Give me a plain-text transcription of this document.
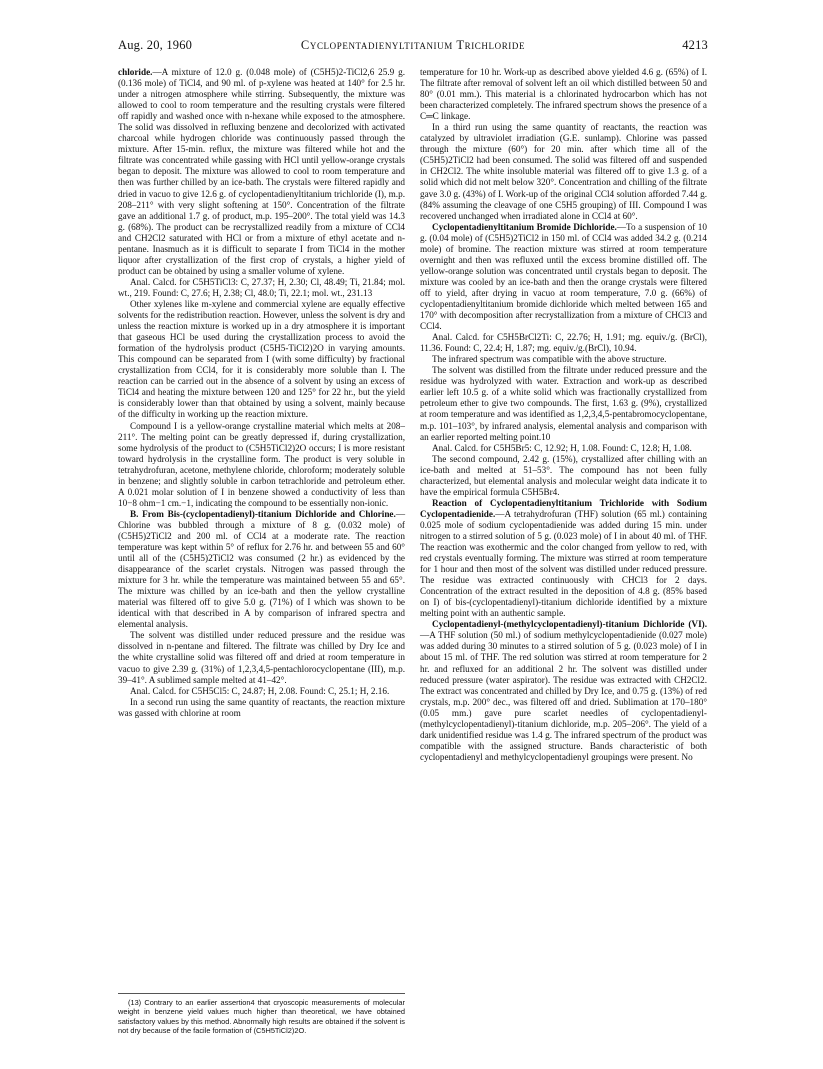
Aug. 20, 1960	Cyclopentadienyltitanium Trichloride	4213

chloride.—A mixture of 12.0 g. (0.048 mole) of (C5H5)2-TiCl2,6 25.9 g. (0.136 mole) of TiCl4, and 90 ml. of p-xylene was heated at 140° for 2.5 hr. under a nitrogen atmosphere while stirring. Subsequently, the mixture was allowed to cool to room temperature and the resulting crystals were filtered off rapidly and washed once with n-hexane while exposed to the atmosphere. The solid was dissolved in refluxing benzene and decolorized with activated charcoal while hydrogen chloride was continuously passed through the mixture. After 15-min. reflux, the mixture was filtered while hot and the filtrate was concentrated while gassing with HCl until yellow-orange crystals began to deposit. The mixture was allowed to cool to room temperature and then was further chilled by an ice-bath. The crystals were filtered rapidly and dried in vacuo to give 12.6 g. of cyclopentadienyltitanium trichloride (I), m.p. 208–211° with very slight softening at 150°. Concentration of the filtrate gave an additional 1.7 g. of product, m.p. 195–200°. The total yield was 14.3 g. (68%). The product can be recrystallized readily from a mixture of CCl4 and CH2Cl2 saturated with HCl or from a mixture of ethyl acetate and n-pentane. Inasmuch as it is difficult to separate I from TiCl4 in the mother liquor after crystallization of the first crop of crystals, a higher yield of product can be obtained by using a smaller volume of xylene.

Anal. Calcd. for C5H5TiCl3: C, 27.37; H, 2.30; Cl, 48.49; Ti, 21.84; mol. wt., 219. Found: C, 27.6; H, 2.38; Cl, 48.0; Ti, 22.1; mol. wt., 231.13

Other xylenes like m-xylene and commercial xylene are equally effective solvents for the redistribution reaction. However, unless the solvent is dry and unless the reaction mixture is worked up in a dry atmosphere it is important that gaseous HCl be used during the crystallization process to avoid the formation of the hydrolysis product (C5H5-TiCl2)2O in varying amounts. This compound can be separated from I (with some difficulty) by fractional crystallization from CCl4, for it is considerably more soluble than I. The reaction can be carried out in the absence of a solvent by using an excess of TiCl4 and heating the mixture between 120 and 125° for 22 hr., but the yield is considerably lower than that obtained by using a solvent, mainly because of the difficulty in working up the reaction mixture.

Compound I is a yellow-orange crystalline material which melts at 208–211°. The melting point can be greatly depressed if, during crystallization, some hydrolysis of the product to (C5H5TiCl2)2O occurs; I is more resistant toward hydrolysis in the crystalline form. The product is very soluble in tetrahydrofuran, acetone, methylene chloride, chloroform; moderately soluble in benzene; and slightly soluble in carbon tetrachloride and petroleum ether. A 0.021 molar solution of I in benzene showed a conductivity of less than 10−8 ohm−1 cm.−1, indicating the compound to be essentially non-ionic.

B. From Bis-(cyclopentadienyl)-titanium Dichloride and Chlorine.—Chlorine was bubbled through a mixture of 8 g. (0.032 mole) of (C5H5)2TiCl2 and 200 ml. of CCl4 at a moderate rate. The reaction temperature was kept within 5° of reflux for 2.76 hr. and between 55 and 60° until all of the (C5H5)2TiCl2 was consumed (2 hr.) as evidenced by the disappearance of the scarlet crystals. Nitrogen was passed through the mixture for 3 hr. while the temperature was maintained between 55 and 65°. The mixture was chilled by an ice-bath and then the yellow crystalline material was filtered off to give 5.0 g. (71%) of I which was shown to be identical with that described in A by comparison of infrared spectra and elemental analysis.

The solvent was distilled under reduced pressure and the residue was dissolved in n-pentane and filtered. The filtrate was chilled by Dry Ice and the white crystalline solid was filtered off and dried at room temperature in vacuo to give 2.39 g. (31%) of 1,2,3,4,5-pentachlorocyclopentane (III), m.p. 39–41°. A sublimed sample melted at 41–42°.

Anal. Calcd. for C5H5Cl5: C, 24.87; H, 2.08. Found: C, 25.1; H, 2.16.

In a second run using the same quantity of reactants, the reaction mixture was gassed with chlorine at room

temperature for 10 hr. Work-up as described above yielded 4.6 g. (65%) of I. The filtrate after removal of solvent left an oil which distilled between 50 and 80° (0.01 mm.). This material is a chlorinated hydrocarbon which has not been characterized completely. The infrared spectrum shows the presence of a C═C linkage.

In a third run using the same quantity of reactants, the reaction was catalyzed by ultraviolet irradiation (G.E. sunlamp). Chlorine was passed through the mixture (60°) for 20 min. after which time all of the (C5H5)2TiCl2 had been consumed. The solid was filtered off and suspended in CH2Cl2. The white insoluble material was filtered off to give 1.3 g. of a solid which did not melt below 320°. Concentration and chilling of the filtrate gave 3.0 g. (43%) of I. Work-up of the original CCl4 solution afforded 7.44 g. (84% assuming the cleavage of one C5H5 grouping) of III. Compound I was recovered unchanged when irradiated alone in CCl4 at 60°.

Cyclopentadienyltitanium Bromide Dichloride.—To a suspension of 10 g. (0.04 mole) of (C5H5)2TiCl2 in 150 ml. of CCl4 was added 34.2 g. (0.214 mole) of bromine. The reaction mixture was stirred at room temperature overnight and then was refluxed until the excess bromine distilled off. The yellow-orange solution was concentrated until crystals began to deposit. The mixture was cooled by an ice-bath and then the orange crystals were filtered off to yield, after drying in vacuo at room temperature, 7.0 g. (66%) of cyclopentadienyltitanium bromide dichloride which melted between 165 and 170° with decomposition after recrystallization from a mixture of CHCl3 and CCl4.

Anal. Calcd. for C5H5BrCl2Ti: C, 22.76; H, 1.91; mg. equiv./g. (BrCl), 11.36. Found: C, 22.4; H, 1.87; mg. equiv./g.(BrCl), 10.94.

The infrared spectrum was compatible with the above structure.

The solvent was distilled from the filtrate under reduced pressure and the residue was hydrolyzed with water. Extraction and work-up as described earlier left 10.5 g. of a white solid which was fractionally crystallized from petroleum ether to give two compounds. The first, 1.63 g. (9%), crystallized at room temperature and was identified as 1,2,3,4,5-pentabromocyclopentane, m.p. 101–103°, by infrared analysis, elemental analysis and comparison with an earlier reported melting point.10

Anal. Calcd. for C5H5Br5: C, 12.92; H, 1.08. Found: C, 12.8; H, 1.08.

The second compound, 2.42 g. (15%), crystallized after chilling with an ice-bath and melted at 51–53°. The compound has not been fully characterized, but elemental analysis and molecular weight data indicate it to have the empirical formula C5H5Br4.

Reaction of Cyclopentadienyltitanium Trichloride with Sodium Cyclopentadienide.—A tetrahydrofuran (THF) solution (65 ml.) containing 0.025 mole of sodium cyclopentadienide was added during 15 min. under nitrogen to a stirred solution of 5 g. (0.023 mole) of I in about 40 ml. of THF. The reaction was exothermic and the color changed from yellow to red, with red crystals eventually forming. The mixture was stirred at room temperature for 1 hour and then most of the solvent was distilled under reduced pressure. The residue was extracted continuously with CHCl3 for 2 days. Concentration of the extract resulted in the deposition of 4.8 g. (85% based on I) of bis-(cyclopentadienyl)-titanium dichloride identified by a mixture melting point with an authentic sample.

Cyclopentadienyl-(methylcyclopentadienyl)-titanium Dichloride (VI).—A THF solution (50 ml.) of sodium methylcyclopentadienide (0.027 mole) was added during 30 minutes to a stirred solution of 5 g. (0.023 mole) of I in about 15 ml. of THF. The red solution was stirred at room temperature for 2 hr. and refluxed for an additional 2 hr. The solvent was distilled under reduced pressure (water aspirator). The residue was extracted with CH2Cl2. The extract was concentrated and chilled by Dry Ice, and 0.75 g. (13%) of red crystals, m.p. 200° dec., was filtered off and dried. Sublimation at 170–180° (0.05 mm.) gave pure scarlet needles of cyclopentadienyl-(methylcyclopentadienyl)-titanium dichloride, m.p. 205–206°. The yield of a dark unidentified residue was 1.4 g. The infrared spectrum of the product was compatible with the assigned structure. Bands characteristic of both cyclopentadienyl and methylcyclopentadienyl groupings were present. No

(13) Contrary to an earlier assertion4 that cryoscopic measurements of molecular weight in benzene yield values much higher than theoretical, we have obtained satisfactory values by this method. Abnormally high results are obtained if the solvent is not dry because of the facile formation of (C5H5TiCl2)2O.
